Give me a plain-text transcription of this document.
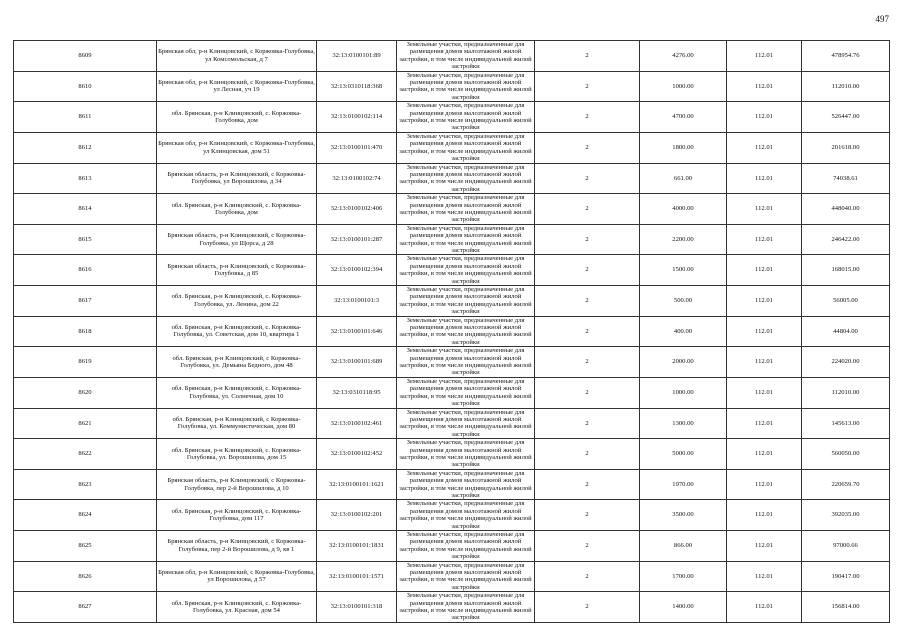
497
8609	Брянская обл, р-н Клинцовский, с Коржовка-Голубовка, ул Комсомольская, д 7	32:13:0100101:89	Земельные участки, предназначенные для размещения домов малоэтажной жилой застройки, в том числе индивидуальной жилой застройки	2	4276.00	112.01	478954.76
8610	Брянская обл, р-н Клинцовский, с Коржовка-Голубовка, ул Лесная, уч 19	32:13:0310118:368	Земельные участки, предназначенные для размещения домов малоэтажной жилой застройки, в том числе индивидуальной жилой застройки	2	1000.00	112.01	112010.00
8611	обл. Брянская, р-н Клинцовский, с. Коржовка-Голубовка, дом	32:13:0100102:114	Земельные участки, предназначенные для размещения домов малоэтажной жилой застройки, в том числе индивидуальной жилой застройки	2	4700.00	112.01	526447.00
8612	Брянская обл, р-н Клинцовский, с Коржовка-Голубовка, ул Клинцовская, дом 51	32:13:0100101:470	Земельные участки, предназначенные для размещения домов малоэтажной жилой застройки, в том числе индивидуальной жилой застройки	2	1800.00	112.01	201618.00
8613	Брянская область, р-н Клинцовский, с Коржовка-Голубовка, ул Ворошилова, д 34	32:13:0100102:74	Земельные участки, предназначенные для размещения домов малоэтажной жилой застройки, в том числе индивидуальной жилой застройки	2	661.00	112.01	74038.61
8614	обл. Брянская, р-н Клинцовский, с. Коржовка-Голубовка, дом	32:13:0100102:406	Земельные участки, предназначенные для размещения домов малоэтажной жилой застройки, в том числе индивидуальной жилой застройки	2	4000.00	112.01	448040.00
8615	Брянская область, р-н Клинцовский, с Коржовка-Голубовка, ул Щорса, д 28	32:13:0100101:287	Земельные участки, предназначенные для размещения домов малоэтажной жилой застройки, в том числе индивидуальной жилой застройки	2	2200.00	112.01	246422.00
8616	Брянская область, р-н Клинцовский, с Коржовка-Голубовка, д 85	32:13:0100102:394	Земельные участки, предназначенные для размещения домов малоэтажной жилой застройки, в том числе индивидуальной жилой застройки	2	1500.00	112.01	168015.00
8617	обл. Брянская, р-н Клинцовский, с. Коржовка-Голубовка, ул. Ленина, дом 22	32:13:0100101:3	Земельные участки, предназначенные для размещения домов малоэтажной жилой застройки, в том числе индивидуальной жилой застройки	2	500.00	112.01	56005.00
8618	обл. Брянская, р-н Клинцовский, с. Коржовка-Голубовка, ул. Советская, дом 10, квартира 1	32:13:0100101:646	Земельные участки, предназначенные для размещения домов малоэтажной жилой застройки, в том числе индивидуальной жилой застройки	2	400.00	112.01	44804.00
8619	обл. Брянская, р-н Клинцовский, с Коржовка-Голубовка, ул. Демьяна Бедного, дом 48	32:13:0100101:689	Земельные участки, предназначенные для размещения домов малоэтажной жилой застройки, в том числе индивидуальной жилой застройки	2	2000.00	112.01	224020.00
8620	обл. Брянская, р-н Клинцовский, с. Коржовка-Голубовка, ул. Солнечная, дом 10	32:13:0310118:95	Земельные участки, предназначенные для размещения домов малоэтажной жилой застройки, в том числе индивидуальной жилой застройки	2	1000.00	112.01	112010.00
8621	обл. Брянская, р-н Клинцовский, с Коржовка-Голубовка, ул. Коммунистическая, дом 80	32:13:0100102:461	Земельные участки, предназначенные для размещения домов малоэтажной жилой застройки, в том числе индивидуальной жилой застройки	2	1300.00	112.01	145613.00
8622	обл. Брянская, р-н Клинцовский, с. Коржовка-Голубовка, ул. Ворошилова, дом 15	32:13:0100102:452	Земельные участки, предназначенные для размещения домов малоэтажной жилой застройки, в том числе индивидуальной жилой застройки	2	5000.00	112.01	560050.00
8623	Брянская область, р-н Клинцовский, с Коржовка-Голубовка, пер 2-й Ворошилова, д 10	32:13:0100101:1621	Земельные участки, предназначенные для размещения домов малоэтажной жилой застройки, в том числе индивидуальной жилой застройки	2	1970.00	112.01	220659.70
8624	обл. Брянская, р-н Клинцовский, с. Коржовка-Голубовка, дом 117	32:13:0100102:201	Земельные участки, предназначенные для размещения домов малоэтажной жилой застройки, в том числе индивидуальной жилой застройки	2	3500.00	112.01	392035.00
8625	Брянская область, р-н Клинцовский, с Коржовка-Голубовка, пер 2-й Ворошилова, д 9, кв 1	32:13:0100101:1831	Земельные участки, предназначенные для размещения домов малоэтажной жилой застройки, в том числе индивидуальной жилой застройки	2	866.00	112.01	97000.66
8626	Брянская обл, р-н Клинцовский, с Коржовка-Голубовка, ул Ворошилова, д 57	32:13:0100101:1571	Земельные участки, предназначенные для размещения домов малоэтажной жилой застройки, в том числе индивидуальной жилой застройки	2	1700.00	112.01	190417.00
8627	обл. Брянская, р-н Клинцовский, с. Коржовка-Голубовка, ул. Красная, дом 54	32:13:0100101:318	Земельные участки, предназначенные для размещения домов малоэтажной жилой застройки, в том числе индивидуальной жилой застройки	2	1400.00	112.01	156814.00
